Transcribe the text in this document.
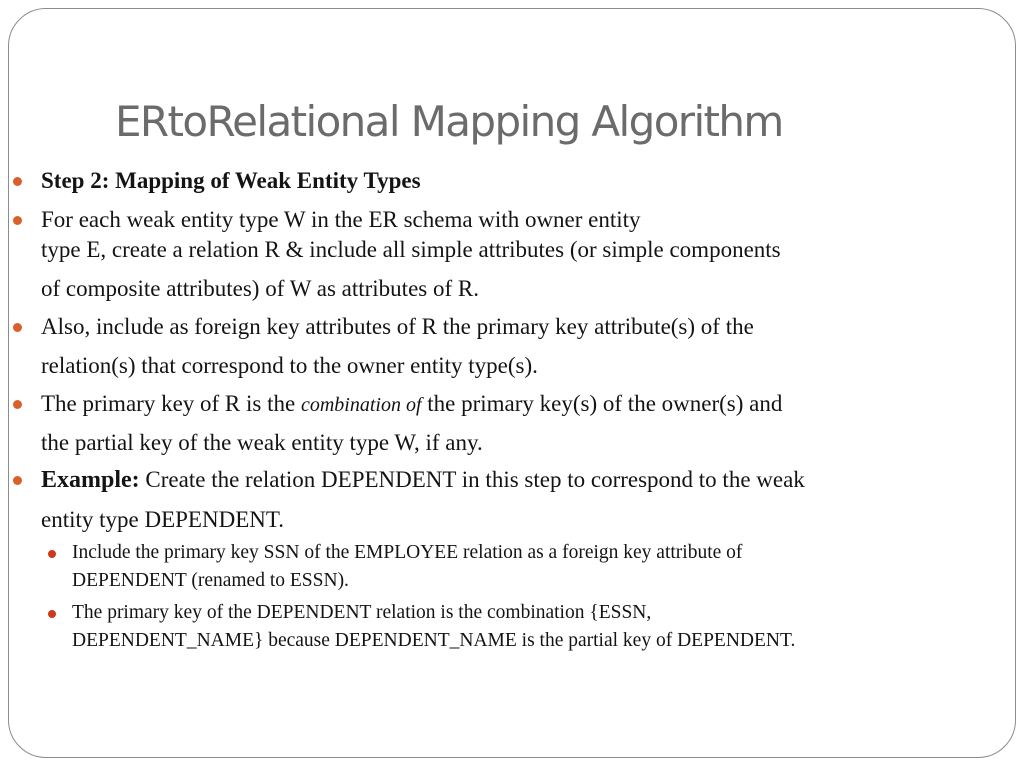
ERtoRelational Mapping Algorithm
Step 2: Mapping of Weak Entity Types
For each weak entity type W in the ER schema with owner entity
type E, create a relation R & include all simple attributes (or simple components
of composite attributes) of W as attributes of R.
Also, include as foreign key attributes of R the primary key attribute(s) of the
relation(s) that correspond to the owner entity type(s).
The primary key of R is the combination of the primary key(s) of the owner(s) and
the partial key of the weak entity type W, if any.
Example: Create the relation DEPENDENT in this step to correspond to the weak
entity type DEPENDENT.
Include the primary key SSN of the EMPLOYEE relation as a foreign key attribute of
DEPENDENT (renamed to ESSN).
The primary key of the DEPENDENT relation is the combination {ESSN,
DEPENDENT_NAME} because DEPENDENT_NAME is the partial key of DEPENDENT.
